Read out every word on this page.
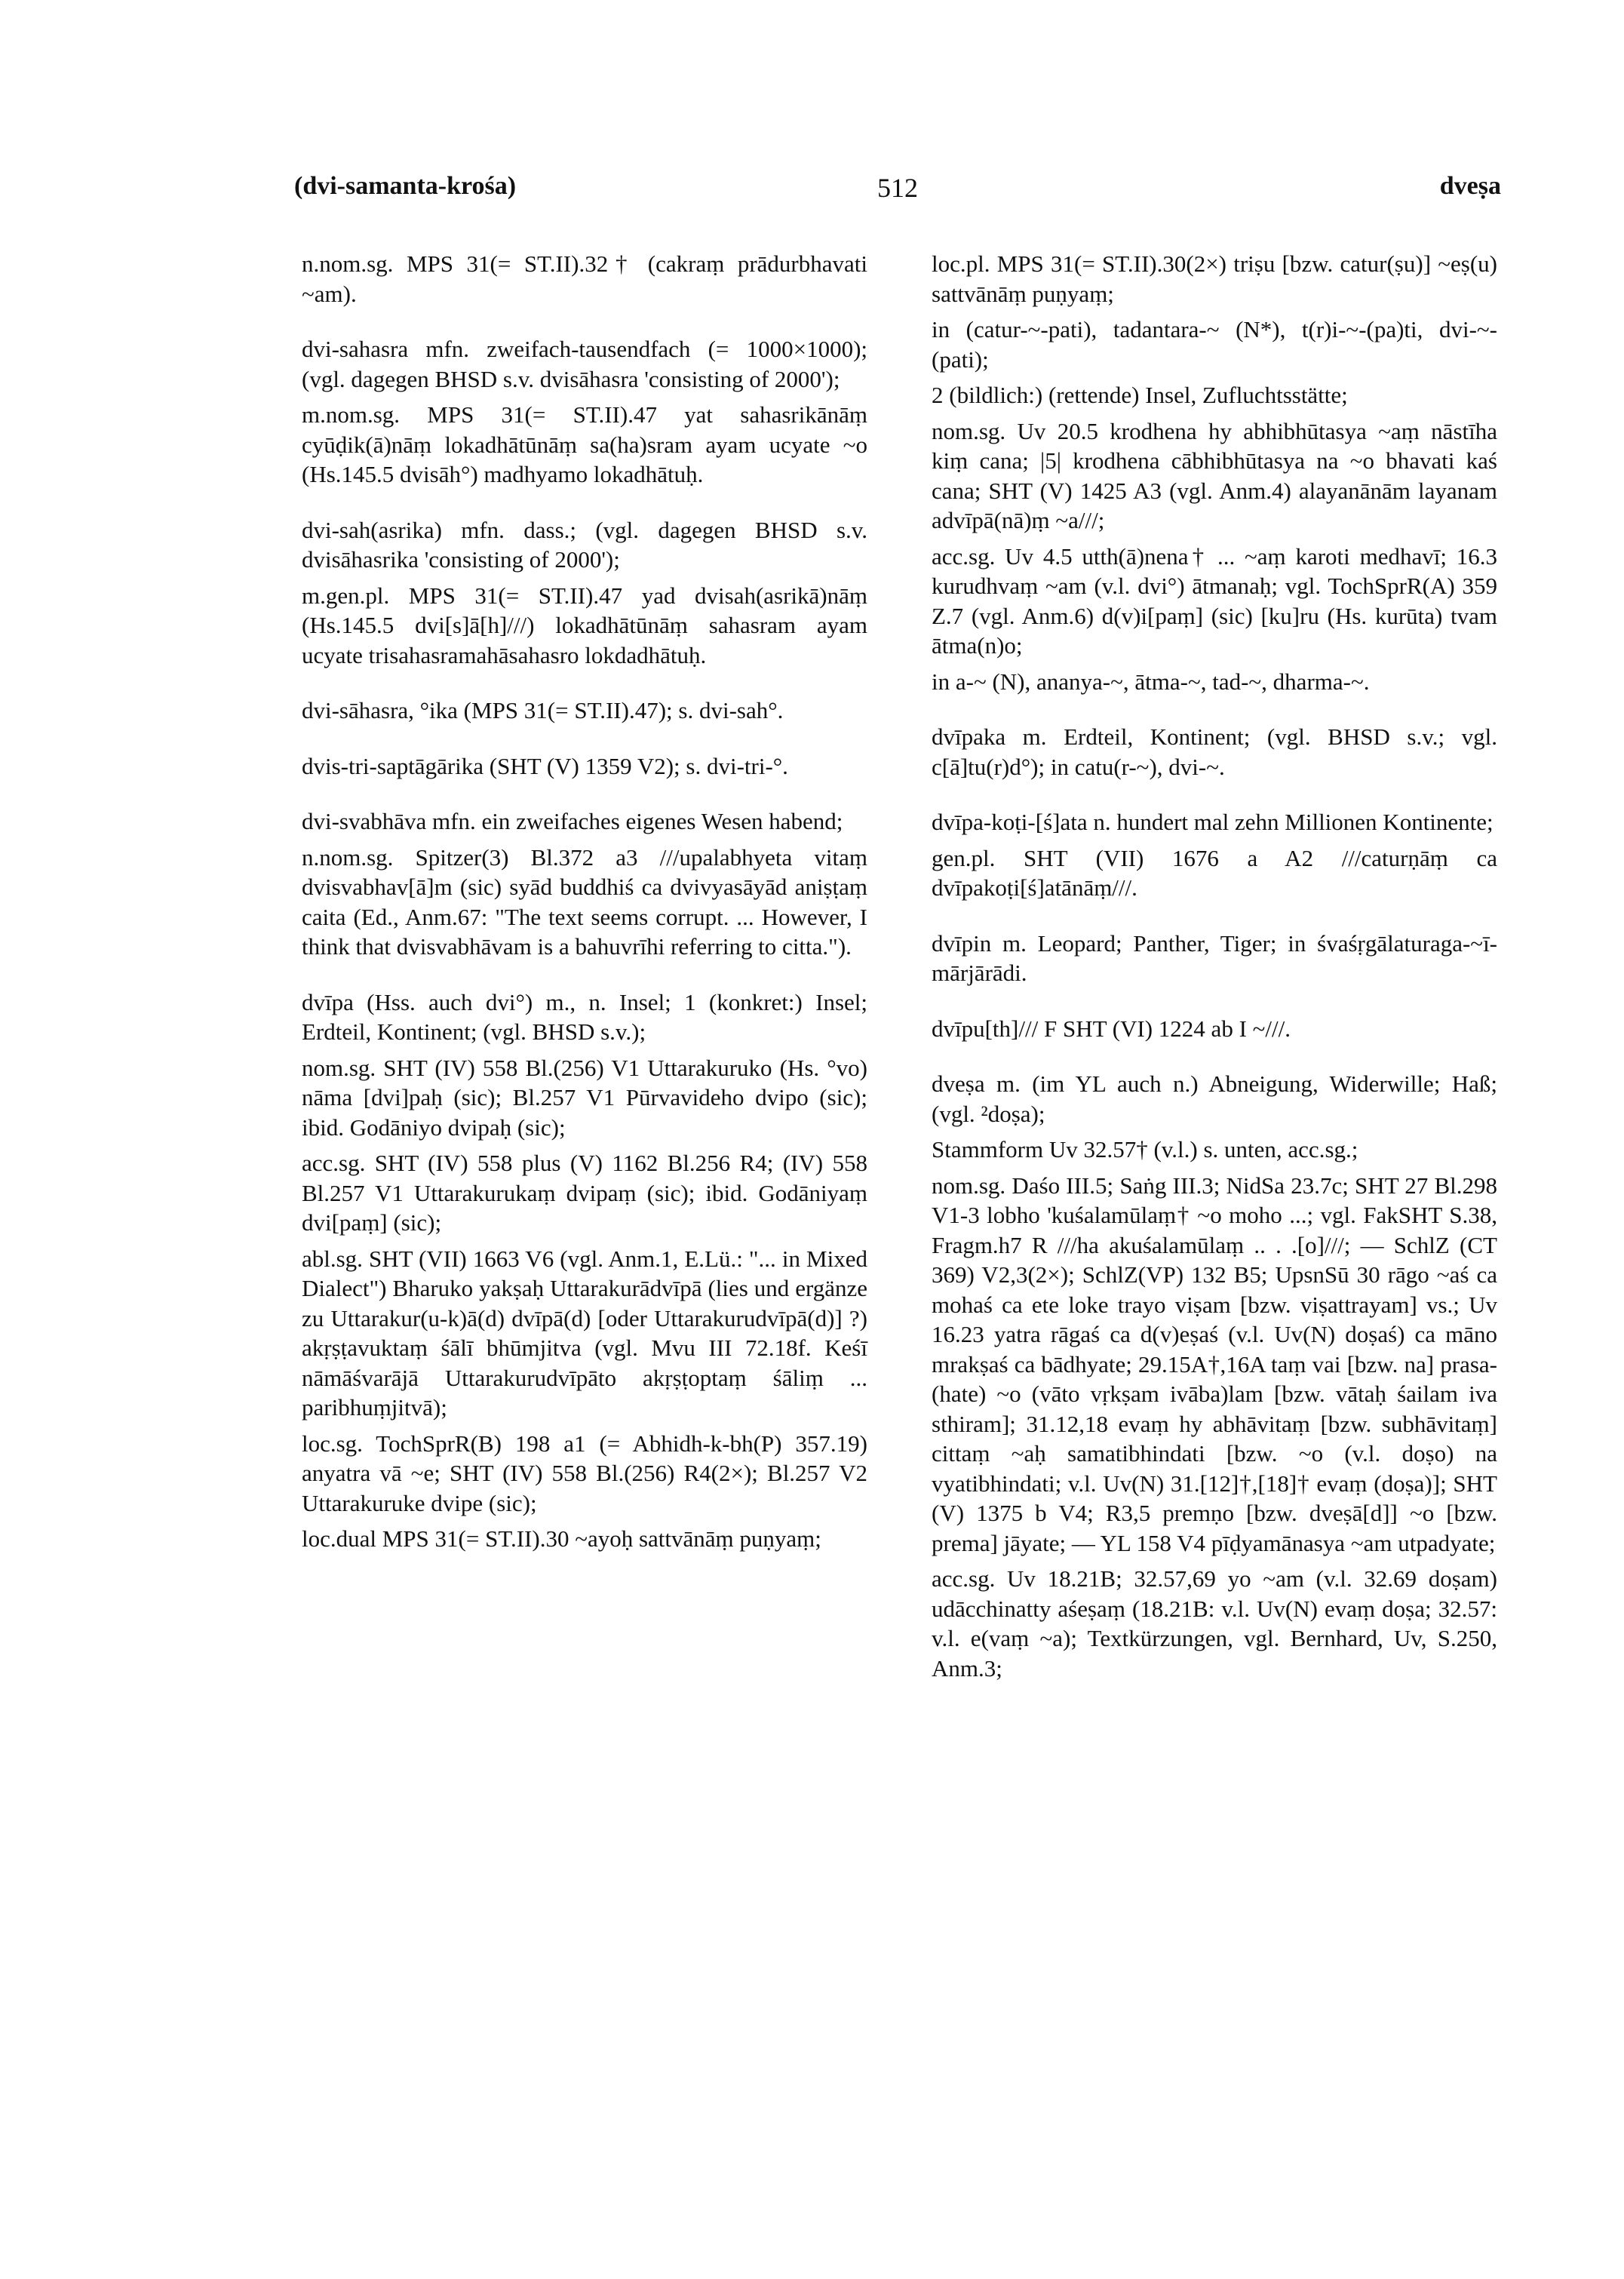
(dvi-samanta-krośa)	512	dveṣa

n.nom.sg. MPS 31(= ST.II).32† (cakraṃ prādurbhavati ~am).

dvi-sahasra mfn. zweifach-tausendfach (= 1000×1000); (vgl. dagegen BHSD s.v. dvisāhasra 'consisting of 2000');

m.nom.sg. MPS 31(= ST.II).47 yat sahasrikānāṃ cyūḍik(ā)nāṃ lokadhātūnāṃ sa(ha)sram ayam ucyate ~o (Hs.145.5 dvisāh°) madhyamo lokadhātuḥ.

dvi-sah(asrika) mfn. dass.; (vgl. dagegen BHSD s.v. dvisāhasrika 'consisting of 2000');

m.gen.pl. MPS 31(= ST.II).47 yad dvisah(asrikā)nāṃ (Hs.145.5 dvi[s]ā[h]///) lokadhātūnāṃ sahasram ayam ucyate trisahasramahāsahasro lokdadhātuḥ.

dvi-sāhasra, °ika (MPS 31(= ST.II).47); s. dvi-sah°.

dvis-tri-saptāgārika (SHT (V) 1359 V2); s. dvi-tri-°.

dvi-svabhāva mfn. ein zweifaches eigenes Wesen habend;

n.nom.sg. Spitzer(3) Bl.372 a3 ///upalabhyeta vitaṃ dvisvabhav[ā]m (sic) syād buddhiś ca dvivyasāyād aniṣṭaṃ caita (Ed., Anm.67: "The text seems corrupt. ... However, I think that dvisvabhāvam is a bahuvrīhi referring to citta.").

dvīpa (Hss. auch dvi°) m., n. Insel; 1 (konkret:) Insel; Erdteil, Kontinent; (vgl. BHSD s.v.);

nom.sg. SHT (IV) 558 Bl.(256) V1 Uttarakuruko (Hs. °vo) nāma [dvi]paḥ (sic); Bl.257 V1 Pūrvavideho dvipo (sic); ibid. Godāniyo dvipaḥ (sic);

acc.sg. SHT (IV) 558 plus (V) 1162 Bl.256 R4; (IV) 558 Bl.257 V1 Uttarakurukaṃ dvipaṃ (sic); ibid. Godāniyaṃ dvi[paṃ] (sic);

abl.sg. SHT (VII) 1663 V6 (vgl. Anm.1, E.Lü.: "... in Mixed Dialect") Bharuko yakṣaḥ Uttarakurādvīpā (lies und ergänze zu Uttarakur(u-k)ā(d) dvīpā(d) [oder Uttarakurudvīpā(d)] ?) akṛṣṭavuktaṃ śālī bhūmjitva (vgl. Mvu III 72.18f. Keśī nāmāśvarājā Uttarakurudvīpāto akṛṣṭoptaṃ śāliṃ ... paribhuṃjitvā);

loc.sg. TochSprR(B) 198 a1 (= Abhidh-k-bh(P) 357.19) anyatra vā ~e; SHT (IV) 558 Bl.(256) R4(2×); Bl.257 V2 Uttarakuruke dvipe (sic);

loc.dual MPS 31(= ST.II).30 ~ayoḥ sattvānāṃ puṇyaṃ;

loc.pl. MPS 31(= ST.II).30(2×) triṣu [bzw. catur(ṣu)] ~eṣ(u) sattvānāṃ puṇyaṃ;

in (catur-~-pati), tadantara-~ (N*), t(r)i-~-(pa)ti, dvi-~-(pati);

2 (bildlich:) (rettende) Insel, Zufluchtsstätte;

nom.sg. Uv 20.5 krodhena hy abhibhūtasya ~aṃ nāstīha kiṃ cana; |5| krodhena cābhibhūtasya na ~o bhavati kaś cana; SHT (V) 1425 A3 (vgl. Anm.4) alayanānām layanam advīpā(nā)ṃ ~a///;

acc.sg. Uv 4.5 utth(ā)nena† ... ~aṃ karoti medhavī; 16.3 kurudhvaṃ ~am (v.l. dvi°) ātmanaḥ; vgl. TochSprR(A) 359 Z.7 (vgl. Anm.6) d(v)i[paṃ] (sic) [ku]ru (Hs. kurūta) tvam ātma(n)o;

in a-~ (N), ananya-~, ātma-~, tad-~, dharma-~.

dvīpaka m. Erdteil, Kontinent; (vgl. BHSD s.v.; vgl. c[ā]tu(r)d°); in catu(r-~), dvi-~.

dvīpa-koṭi-[ś]ata n. hundert mal zehn Millionen Kontinente;

gen.pl. SHT (VII) 1676 a A2 ///caturṇāṃ ca dvīpakoṭi[ś]atānāṃ///.

dvīpin m. Leopard; Panther, Tiger; in śvaśṛgālaturaga-~ī-mārjārādi.

dvīpu[th]/// F SHT (VI) 1224 ab I ~///.

dveṣa m. (im YL auch n.) Abneigung, Widerwille; Haß; (vgl. ²doṣa);

Stammform Uv 32.57† (v.l.) s. unten, acc.sg.;

nom.sg. Daśo III.5; Saṅg III.3; NidSa 23.7c; SHT 27 Bl.298 V1-3 lobho 'kuśalamūlaṃ† ~o moho ...; vgl. FakSHT S.38, Fragm.h7 R ///ha akuśalamūlaṃ .. . .[o]///; — SchlZ (CT 369) V2,3(2×); SchlZ(VP) 132 B5; UpsnSū 30 rāgo ~aś ca mohaś ca ete loke trayo viṣam [bzw. viṣattrayam] vs.; Uv 16.23 yatra rāgaś ca d(v)eṣaś (v.l. Uv(N) doṣaś) ca māno mrakṣaś ca bādhyate; 29.15A†,16A taṃ vai [bzw. na] prasa-(hate) ~o (vāto vṛkṣam ivāba)lam [bzw. vātaḥ śailam iva sthiram]; 31.12,18 evaṃ hy abhāvitaṃ [bzw. subhāvitaṃ] cittaṃ ~aḥ samatibhindati [bzw. ~o (v.l. doṣo) na vyatibhindati; v.l. Uv(N) 31.[12]†,[18]† evaṃ (doṣa)]; SHT (V) 1375 b V4; R3,5 premṇo [bzw. dveṣā[d]] ~o [bzw. prema] jāyate; — YL 158 V4 pīḍyamānasya ~am utpadyate;

acc.sg. Uv 18.21B; 32.57,69 yo ~am (v.l. 32.69 doṣam) udācchinatty aśeṣaṃ (18.21B: v.l. Uv(N) evaṃ doṣa; 32.57: v.l. e(vaṃ ~a); Textkürzungen, vgl. Bernhard, Uv, S.250, Anm.3;
